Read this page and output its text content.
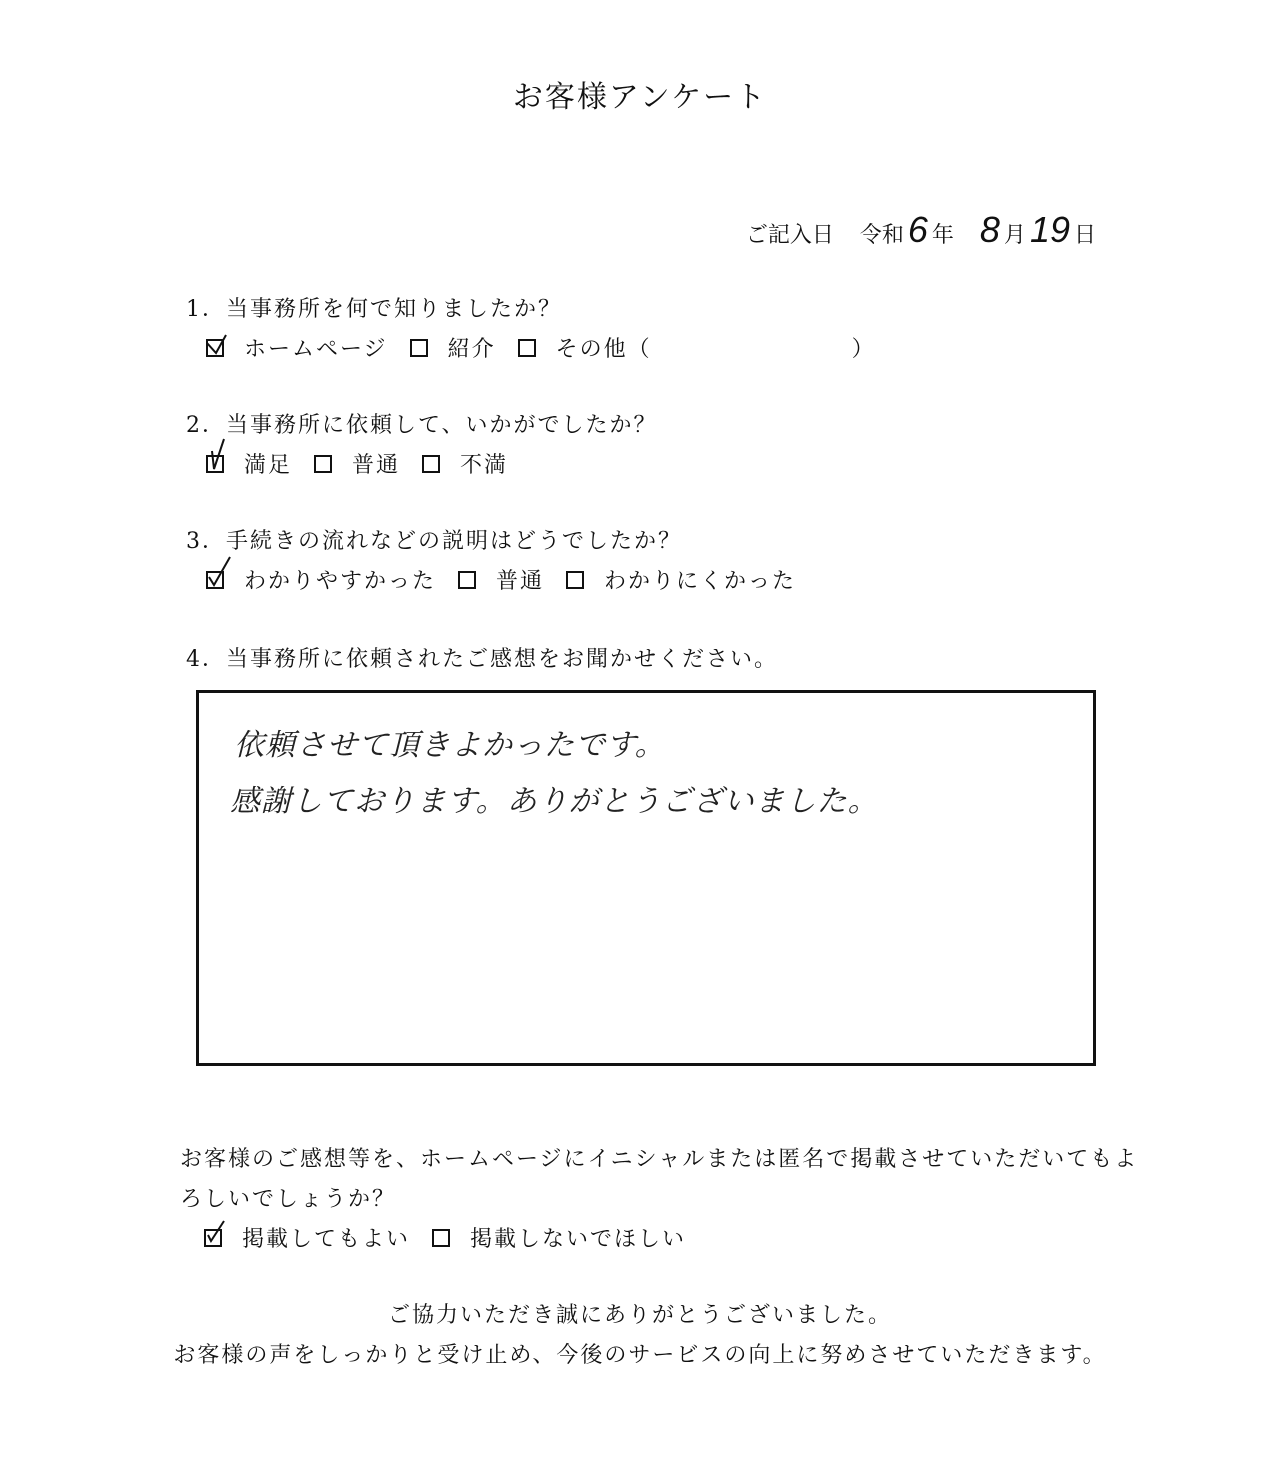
お客様アンケート
ご記入日 令和 6 年 8 月 19 日
1．当事務所を何で知りましたか？
ホームページ	紹介	その他（	）
2．当事務所に依頼して、いかがでしたか？
満足	普通	不満
3．手続きの流れなどの説明はどうでしたか？
わかりやすかった	普通	わかりにくかった
4．当事務所に依頼されたご感想をお聞かせください。
依頼させて頂きよかったです。
感謝しております。ありがとうございました。
お客様のご感想等を、ホームページにイニシャルまたは匿名で掲載させていただいてもよ
ろしいでしょうか？
掲載してもよい	掲載しないでほしい
ご協力いただき誠にありがとうございました。
お客様の声をしっかりと受け止め、今後のサービスの向上に努めさせていただきます。
